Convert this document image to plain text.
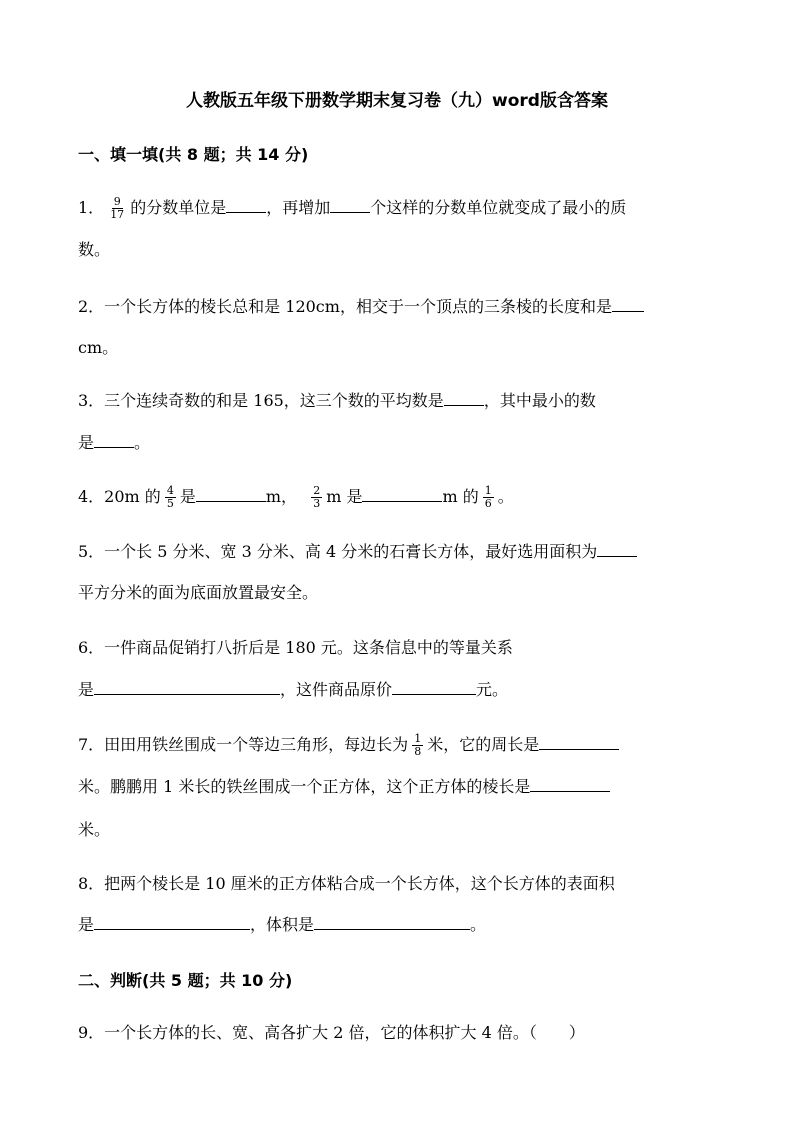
人教版五年级下册数学期末复习卷（九）word版含答案
一、填一填(共 8 题；共 14 分)
1． $\frac{9}{17}$ 的分数单位是	，再增加	个这样的分数单位就变成了最小的质
数。
2．一个长方体的棱长总和是 120cm，相交于一个顶点的三条棱的长度和是
cm。
3．三个连续奇数的和是 165，这三个数的平均数是	，其中最小的数
是	。
4．20m 的 $\frac{4}{5}$ 是	m， $\frac{2}{3}$ m 是	m 的 $\frac{1}{6}$ 。
5．一个长 5 分米、宽 3 分米、高 4 分米的石膏长方体，最好选用面积为
平方分米的面为底面放置最安全。
6．一件商品促销打八折后是 180 元。这条信息中的等量关系
是	，这件商品原价	元。
7．田田用铁丝围成一个等边三角形，每边长为 $\frac{1}{8}$ 米，它的周长是
米。鹏鹏用 1 米长的铁丝围成一个正方体，这个正方体的棱长是
米。
8．把两个棱长是 10 厘米的正方体粘合成一个长方体，这个长方体的表面积
是	，体积是	。
二、判断(共 5 题；共 10 分)
9．一个长方体的长、宽、高各扩大 2 倍，它的体积扩大 4 倍。（　　）
